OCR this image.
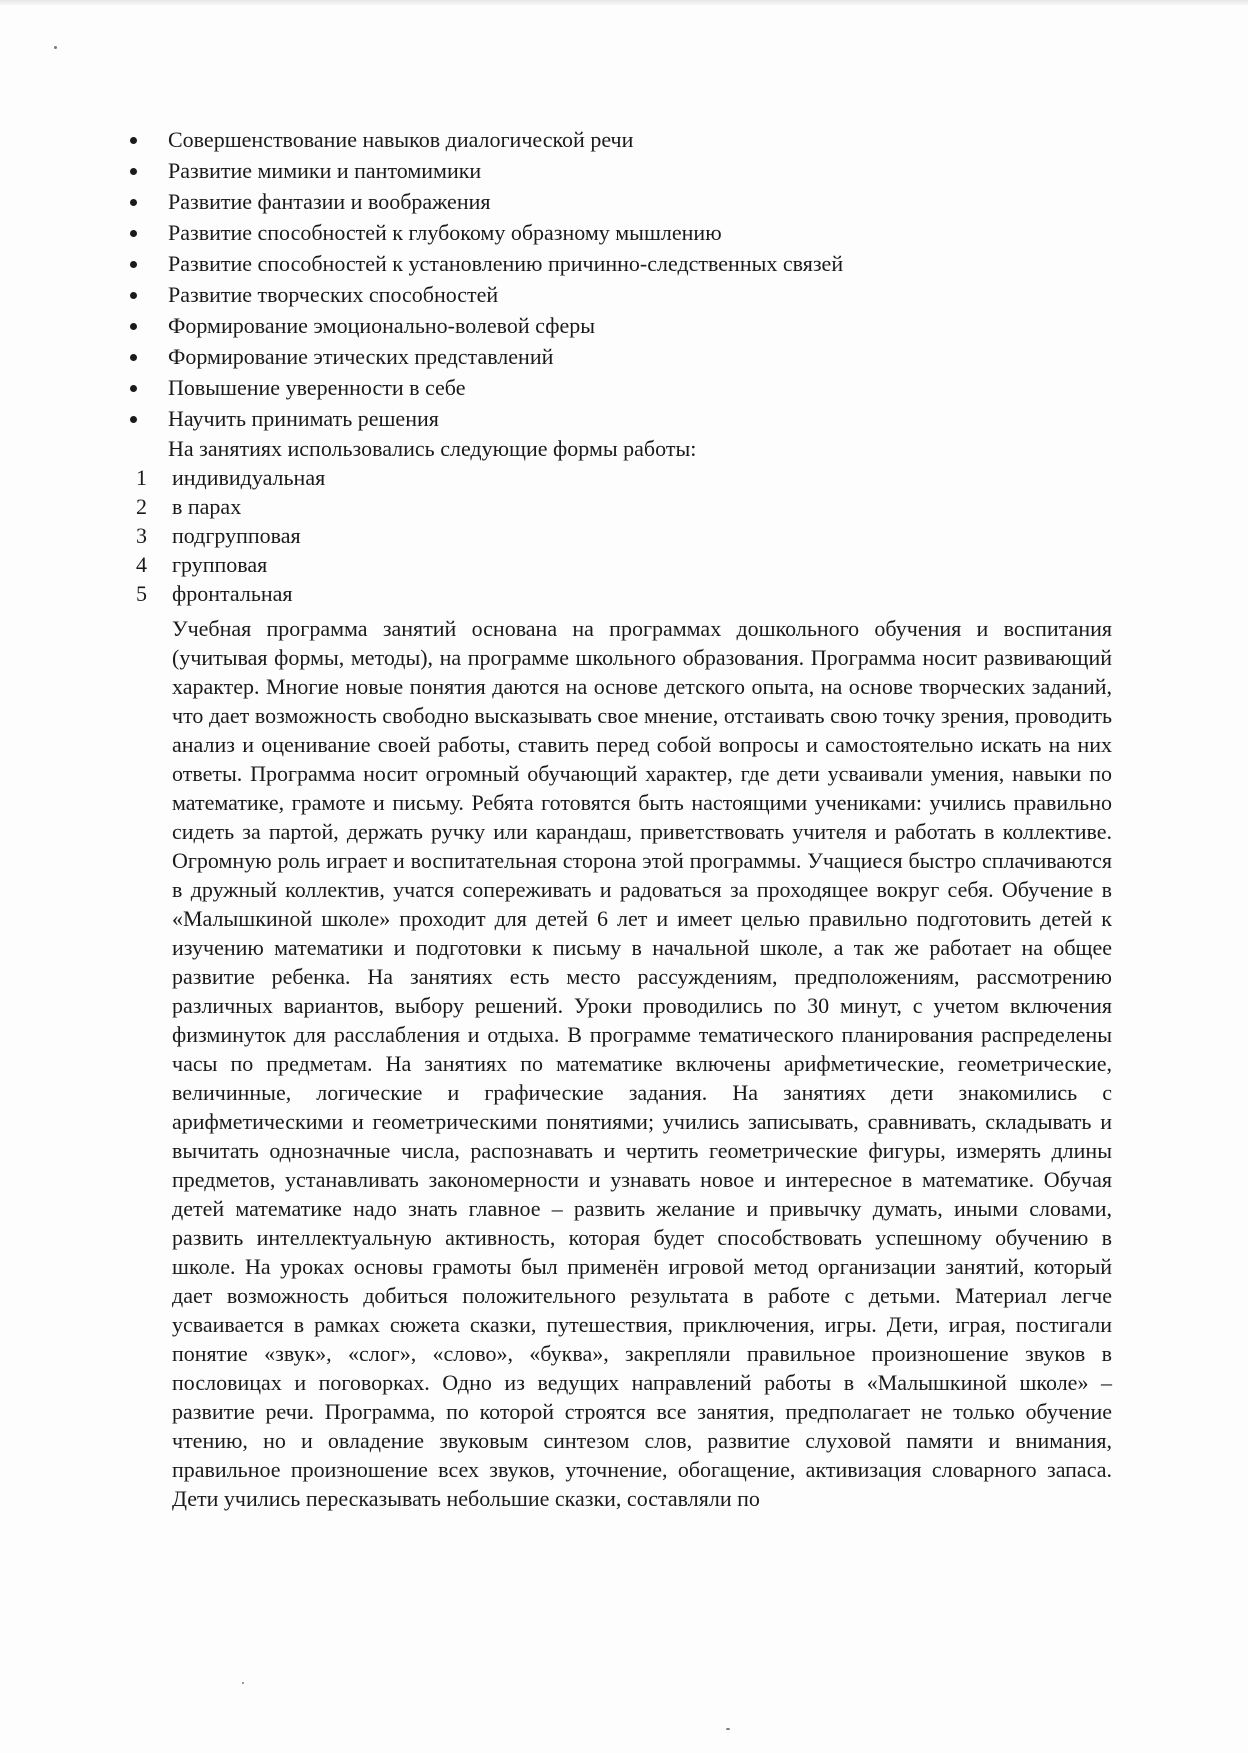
Совершенствование навыков диалогической речи
Развитие мимики и пантомимики
Развитие фантазии и воображения
Развитие способностей к глубокому образному мышлению
Развитие способностей к установлению причинно-следственных связей
Развитие творческих способностей
Формирование эмоционально-волевой сферы
Формирование этических представлений
Повышение уверенности в себе
Научить принимать решения
На занятиях использовались следующие формы работы:
1 индивидуальная
2 в парах
3 подгрупповая
4 групповая
5 фронтальная

Учебная программа занятий основана на программах дошкольного обучения и воспитания (учитывая формы, методы), на программе школьного образования. Программа носит развивающий характер. Многие новые понятия даются на основе детского опыта, на основе творческих заданий, что дает возможность свободно высказывать свое мнение, отстаивать свою точку зрения, проводить анализ и оценивание своей работы, ставить перед собой вопросы и самостоятельно искать на них ответы. Программа носит огромный обучающий характер, где дети усваивали умения, навыки по математике, грамоте и письму. Ребята готовятся быть настоящими учениками: учились правильно сидеть за партой, держать ручку или карандаш, приветствовать учителя и работать в коллективе. Огромную роль играет и воспитательная сторона этой программы. Учащиеся быстро сплачиваются в дружный коллектив, учатся сопереживать и радоваться за проходящее вокруг себя. Обучение в «Малышкиной школе» проходит для детей 6 лет и имеет целью правильно подготовить детей к изучению математики и подготовки к письму в начальной школе, а так же работает на общее развитие ребенка. На занятиях есть место рассуждениям, предположениям, рассмотрению различных вариантов, выбору решений. Уроки проводились по 30 минут, с учетом включения физминуток для расслабления и отдыха. В программе тематического планирования распределены часы по предметам. На занятиях по математике включены арифметические, геометрические, величинные, логические и графические задания. На занятиях дети знакомились с арифметическими и геометрическими понятиями; учились записывать, сравнивать, складывать и вычитать однозначные числа, распознавать и чертить геометрические фигуры, измерять длины предметов, устанавливать закономерности и узнавать новое и интересное в математике. Обучая детей математике надо знать главное – развить желание и привычку думать, иными словами, развить интеллектуальную активность, которая будет способствовать успешному обучению в школе. На уроках основы грамоты был применён игровой метод организации занятий, который дает возможность добиться положительного результата в работе с детьми. Материал легче усваивается в рамках сюжета сказки, путешествия, приключения, игры. Дети, играя, постигали понятие «звук», «слог», «слово», «буква», закрепляли правильное произношение звуков в пословицах и поговорках. Одно из ведущих направлений работы в «Малышкиной школе» – развитие речи. Программа, по которой строятся все занятия, предполагает не только обучение чтению, но и овладение звуковым синтезом слов, развитие слуховой памяти и внимания, правильное произношение всех звуков, уточнение, обогащение, активизация словарного запаса. Дети учились пересказывать небольшие сказки, составляли по
